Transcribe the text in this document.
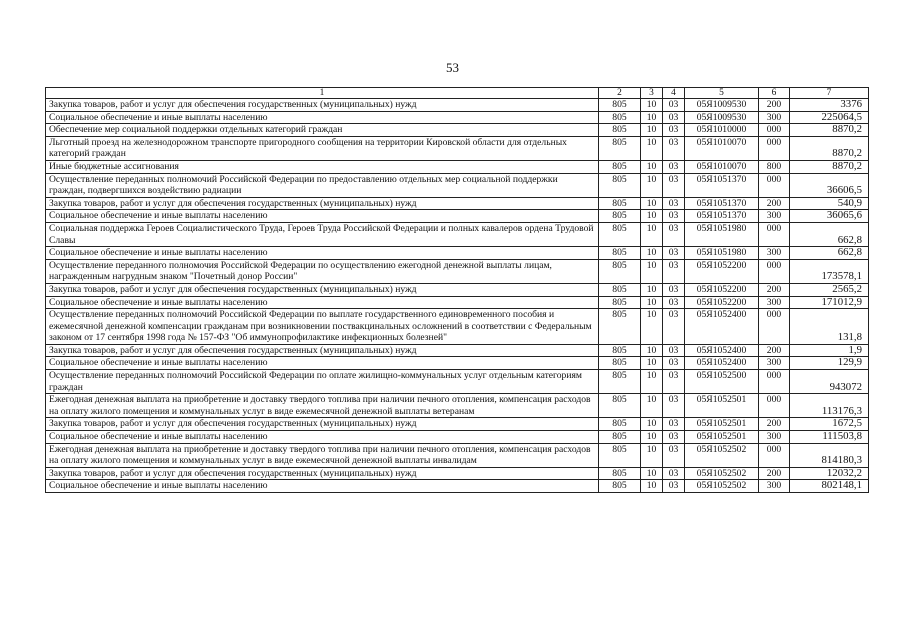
53
1	2	3	4	5	6	7
Закупка товаров, работ и услуг для обеспечения государственных (муниципальных) нужд	805	10	03	05Я1009530	200	3376
Социальное обеспечение и иные выплаты населению	805	10	03	05Я1009530	300	225064,5
Обеспечение мер социальной поддержки отдельных категорий граждан	805	10	03	05Я1010000	000	8870,2
Льготный проезд на железнодорожном транспорте пригородного сообщения на территории Кировской области для отдельных категорий граждан	805	10	03	05Я1010070	000	8870,2
Иные бюджетные ассигнования	805	10	03	05Я1010070	800	8870,2
Осуществление переданных полномочий Российской Федерации по предоставлению отдельных мер социальной поддержки граждан, подвергшихся воздействию радиации	805	10	03	05Я1051370	000	36606,5
Закупка товаров, работ и услуг для обеспечения государственных (муниципальных) нужд	805	10	03	05Я1051370	200	540,9
Социальное обеспечение и иные выплаты населению	805	10	03	05Я1051370	300	36065,6
Социальная поддержка Героев Социалистического Труда, Героев Труда Российской Федерации и полных кавалеров ордена Трудовой Славы	805	10	03	05Я1051980	000	662,8
Социальное обеспечение и иные выплаты населению	805	10	03	05Я1051980	300	662,8
Осуществление переданного полномочия Российской Федерации по осуществлению ежегодной денежной выплаты лицам, награжденным нагрудным знаком "Почетный донор России"	805	10	03	05Я1052200	000	173578,1
Закупка товаров, работ и услуг для обеспечения государственных (муниципальных) нужд	805	10	03	05Я1052200	200	2565,2
Социальное обеспечение и иные выплаты населению	805	10	03	05Я1052200	300	171012,9
Осуществление переданных полномочий Российской Федерации по выплате государственного единовременного пособия и ежемесячной денежной компенсации гражданам при возникновении поствакцинальных осложнений в соответствии с Федеральным законом от 17 сентября 1998 года № 157-ФЗ "Об иммунопрофилактике инфекционных болезней"	805	10	03	05Я1052400	000	131,8
Закупка товаров, работ и услуг для обеспечения государственных (муниципальных) нужд	805	10	03	05Я1052400	200	1,9
Социальное обеспечение и иные выплаты населению	805	10	03	05Я1052400	300	129,9
Осуществление переданных полномочий Российской Федерации по оплате жилищно-коммунальных услуг отдельным категориям граждан	805	10	03	05Я1052500	000	943072
Ежегодная денежная выплата на приобретение и доставку твердого топлива при наличии печного отопления, компенсация расходов на оплату жилого помещения и коммунальных услуг в виде ежемесячной денежной выплаты ветеранам	805	10	03	05Я1052501	000	113176,3
Закупка товаров, работ и услуг для обеспечения государственных (муниципальных) нужд	805	10	03	05Я1052501	200	1672,5
Социальное обеспечение и иные выплаты населению	805	10	03	05Я1052501	300	111503,8
Ежегодная денежная выплата на приобретение и доставку твердого топлива при наличии печного отопления, компенсация расходов на оплату жилого помещения и коммунальных услуг в виде ежемесячной денежной выплаты инвалидам	805	10	03	05Я1052502	000	814180,3
Закупка товаров, работ и услуг для обеспечения государственных (муниципальных) нужд	805	10	03	05Я1052502	200	12032,2
Социальное обеспечение и иные выплаты населению	805	10	03	05Я1052502	300	802148,1
